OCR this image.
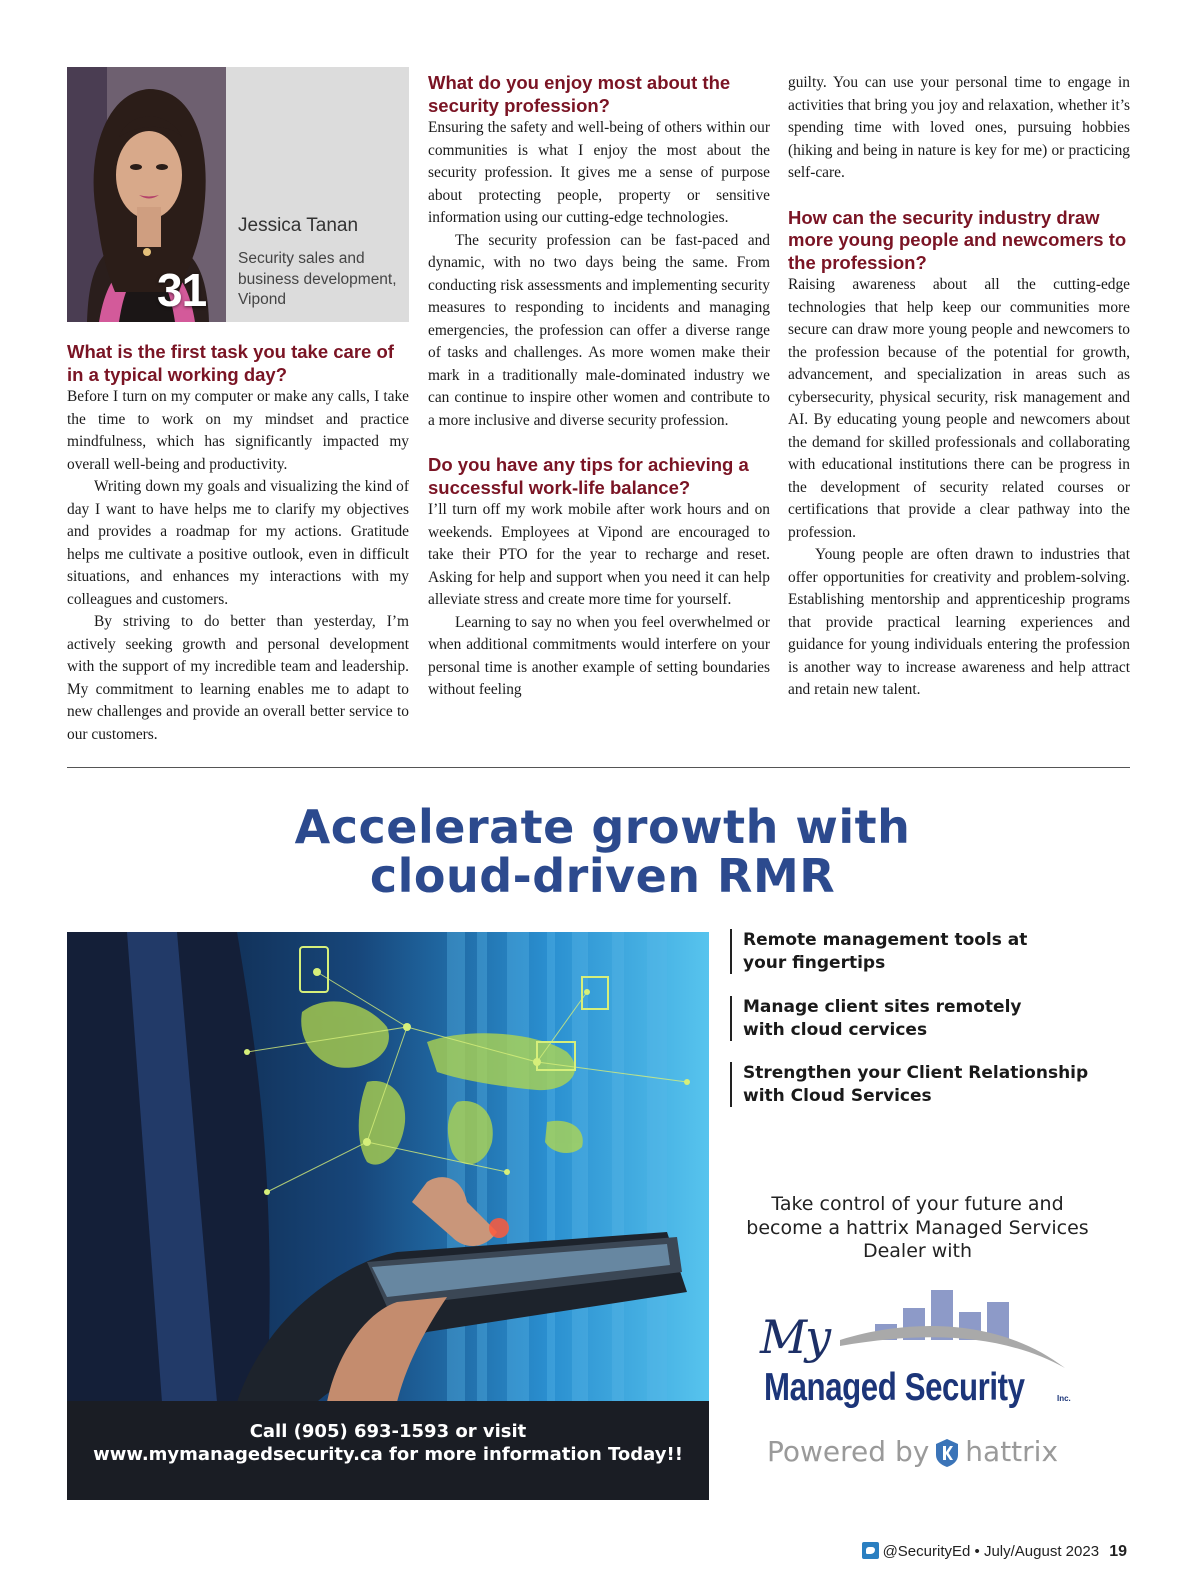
31
Jessica Tanan
Security sales and business development, Vipond
What is the first task you take care of in a typical working day?

Before I turn on my computer or make any calls, I take the time to work on my mindset and practice mindfulness, which has significantly impacted my overall well-being and productivity.

Writing down my goals and visualizing the kind of day I want to have helps me to clarify my objectives and provides a roadmap for my actions. Gratitude helps me cultivate a positive outlook, even in difficult situations, and enhances my interactions with my colleagues and customers.

By striving to do better than yesterday, I’m actively seeking growth and personal development with the support of my incredible team and leadership. My commitment to learning enables me to adapt to new challenges and provide an overall better service to our customers.

What do you enjoy most about the security profession?

Ensuring the safety and well-being of others within our communities is what I enjoy the most about the security profession. It gives me a sense of purpose about protecting people, property or sensitive information using our cutting-edge technologies.

The security profession can be fast-paced and dynamic, with no two days being the same. From conducting risk assessments and implementing security measures to responding to incidents and managing emergencies, the profession can offer a diverse range of tasks and challenges. As more women make their mark in a traditionally male-dominated industry we can continue to inspire other women and contribute to a more inclusive and diverse security profession.

Do you have any tips for achieving a successful work-life balance?

I’ll turn off my work mobile after work hours and on weekends. Employees at Vipond are encouraged to take their PTO for the year to recharge and reset. Asking for help and support when you need it can help alleviate stress and create more time for yourself.

Learning to say no when you feel overwhelmed or when additional commitments would interfere on your personal time is another example of setting boundaries without feeling

guilty. You can use your personal time to engage in activities that bring you joy and relaxation, whether it’s spending time with loved ones, pursuing hobbies (hiking and being in nature is key for me) or practicing self-care.

How can the security industry draw more young people and newcomers to the profession?

Raising awareness about all the cutting-edge technologies that help keep our communities more secure can draw more young people and newcomers to the profession because of the potential for growth, advancement, and specialization in areas such as cybersecurity, physical security, risk management and AI. By educating young people and newcomers about the demand for skilled professionals and collaborating with educational institutions there can be progress in the development of security related courses or certifications that provide a clear pathway into the profession.

Young people are often drawn to industries that offer opportunities for creativity and problem-solving. Establishing mentorship and apprenticeship programs that provide practical learning experiences and guidance for young individuals entering the profession is another way to increase awareness and help attract and retain new talent.

Accelerate growth with
cloud-driven RMR
Call (905) 693-1593 or visit
www.mymanagedsecurity.ca for more information Today!!
Remote management tools at your fingertips
Manage client sites remotely with cloud cervices
Strengthen your Client Relationship with Cloud Services
Take control of your future and become a hattrix Managed Services Dealer with
My
Managed Security	Inc.
Powered by hattrix
@SecurityEd • July/August 2023 19
